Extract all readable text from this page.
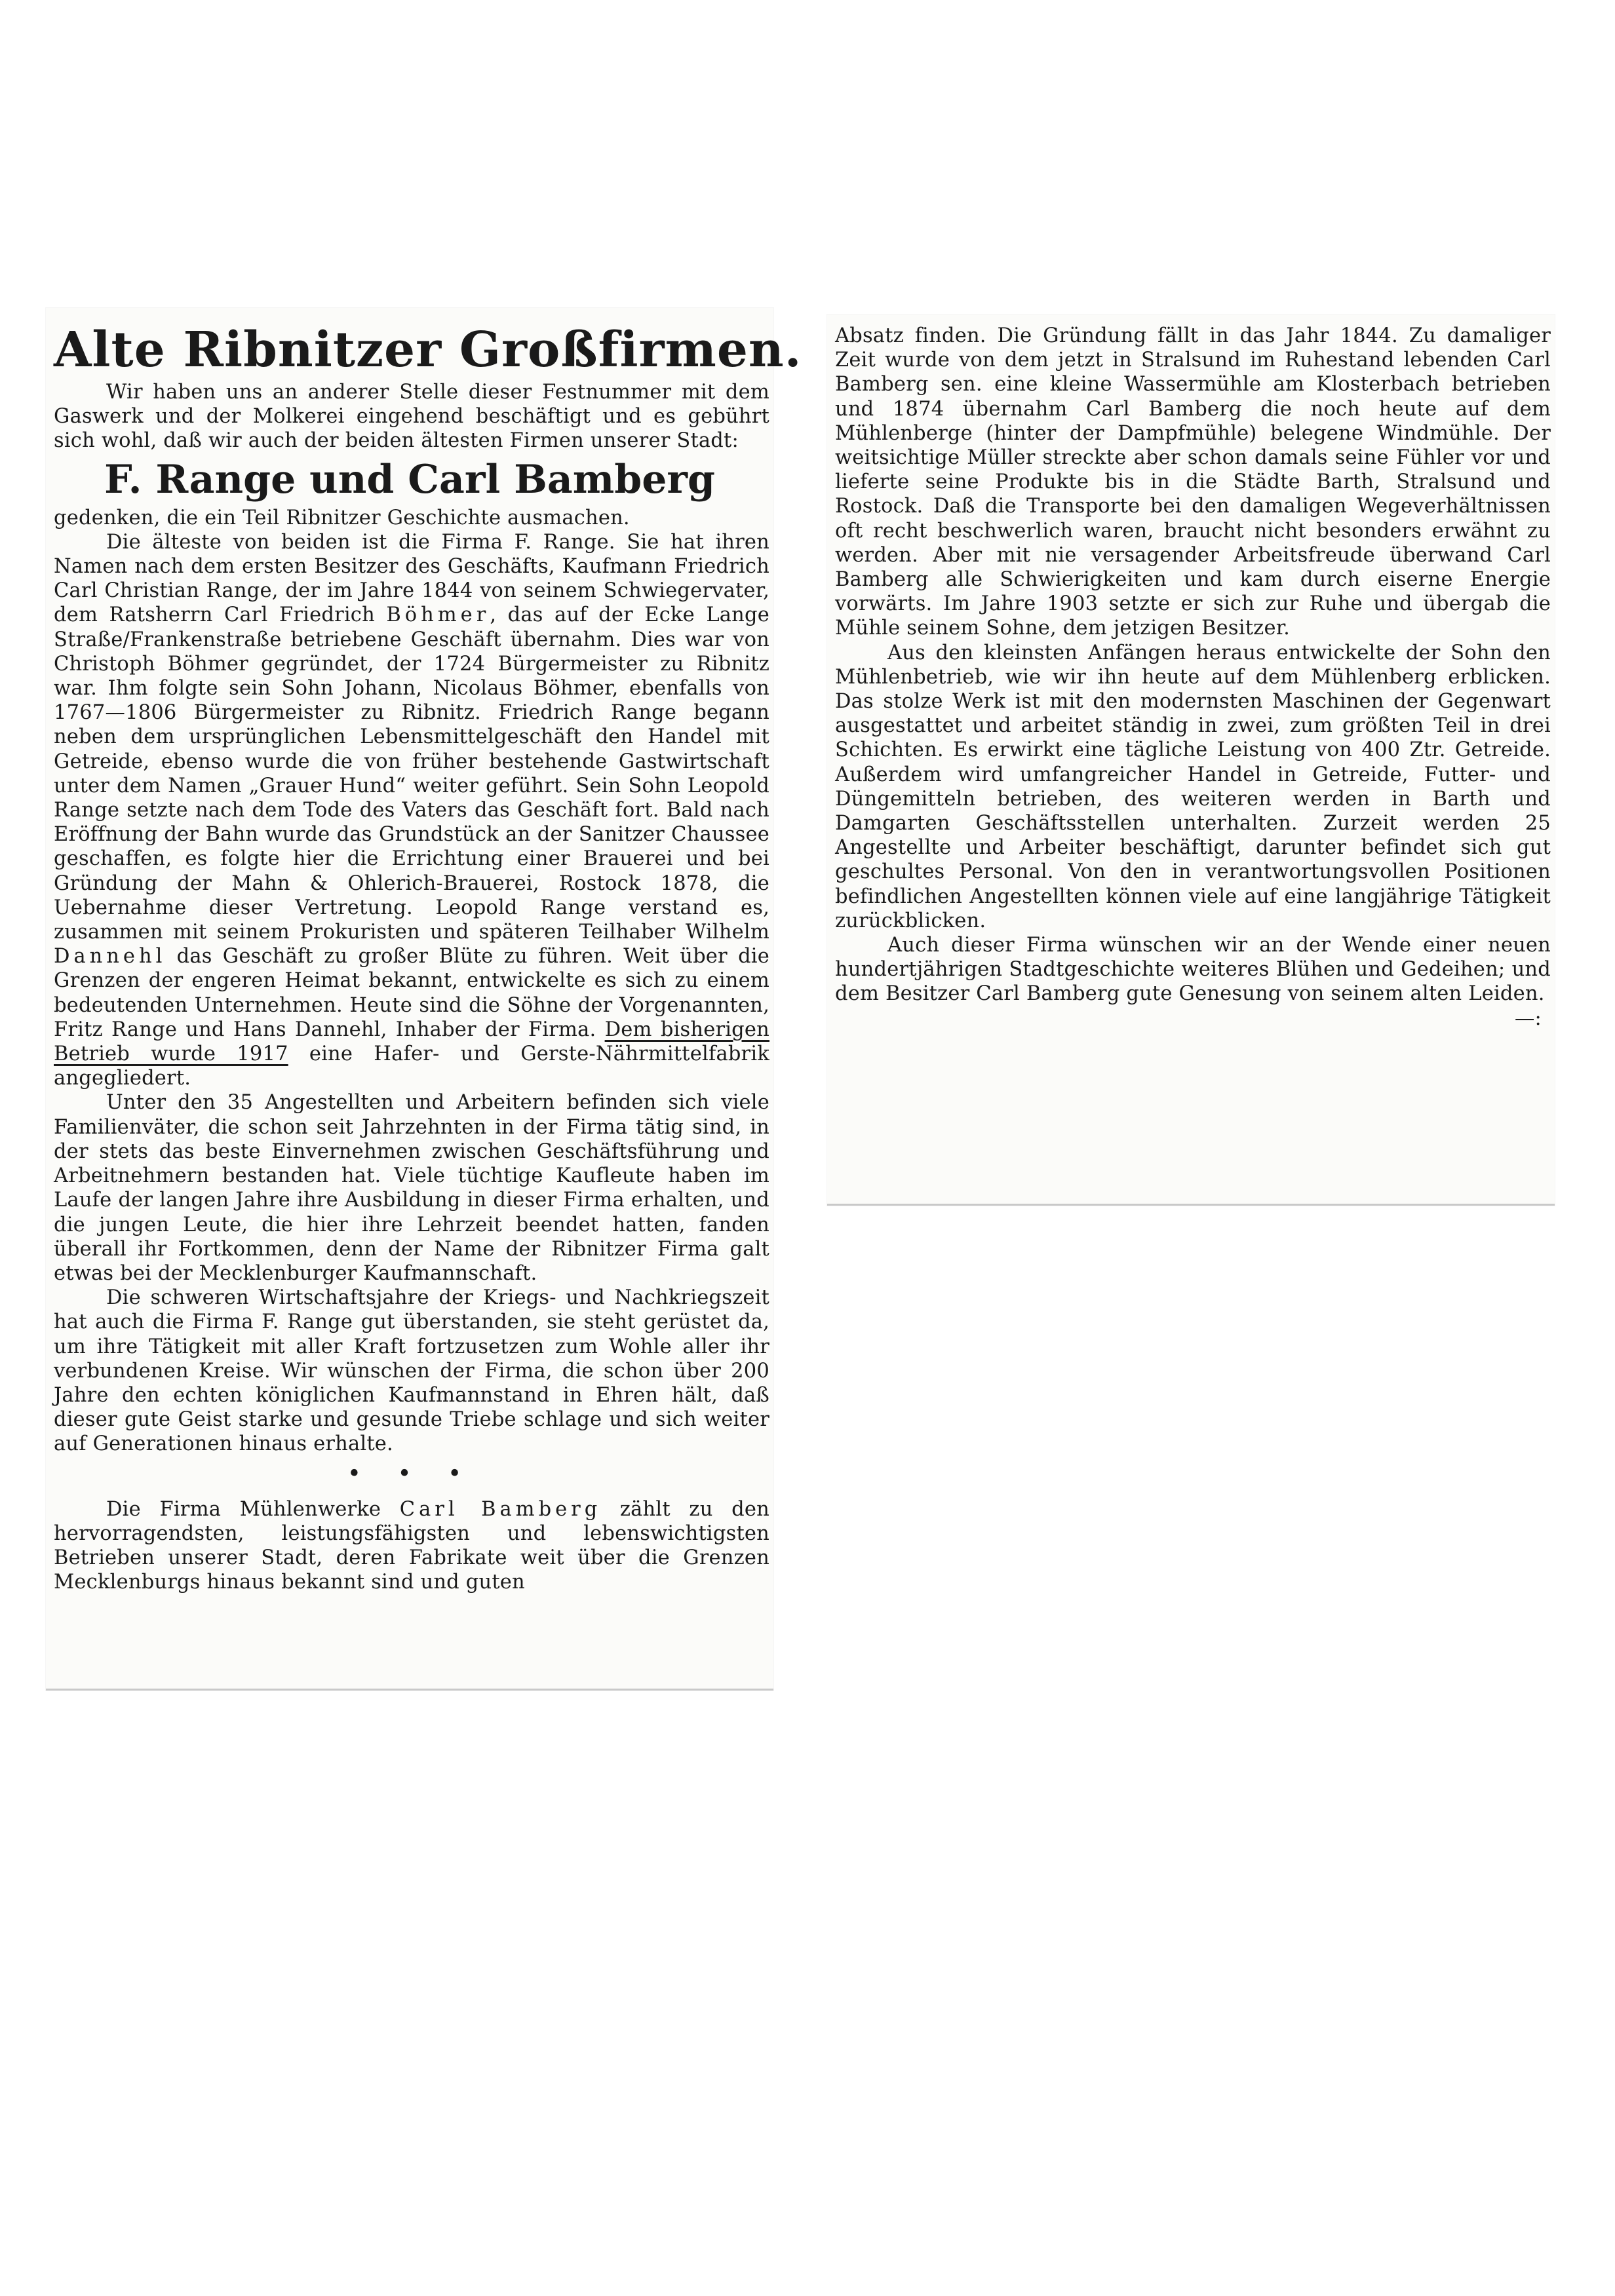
Alte Ribnitzer Großfirmen.

Wir haben uns an anderer Stelle dieser Festnummer mit dem Gaswerk und der Molkerei eingehend beschäftigt und es gebührt sich wohl, daß wir auch der beiden ältesten Firmen unserer Stadt:

F. Range und Carl Bamberg

gedenken, die ein Teil Ribnitzer Geschichte ausmachen.

Die älteste von beiden ist die Firma F. Range. Sie hat ihren Namen nach dem ersten Besitzer des Geschäfts, Kaufmann Friedrich Carl Christian Range, der im Jahre 1844 von seinem Schwiegervater, dem Ratsherrn Carl Friedrich Böhmer, das auf der Ecke Lange Straße/Frankenstraße betriebene Geschäft übernahm. Dies war von Christoph Böhmer gegründet, der 1724 Bürgermeister zu Ribnitz war. Ihm folgte sein Sohn Johann, Nicolaus Böhmer, ebenfalls von 1767—1806 Bürgermeister zu Ribnitz. Friedrich Range begann neben dem ursprünglichen Lebensmittelgeschäft den Handel mit Getreide, ebenso wurde die von früher bestehende Gastwirtschaft unter dem Namen „Grauer Hund“ weiter geführt. Sein Sohn Leopold Range setzte nach dem Tode des Vaters das Geschäft fort. Bald nach Eröffnung der Bahn wurde das Grundstück an der Sanitzer Chaussee geschaffen, es folgte hier die Errichtung einer Brauerei und bei Gründung der Mahn & Ohlerich-Brauerei, Rostock 1878, die Uebernahme dieser Vertretung. Leopold Range verstand es, zusammen mit seinem Prokuristen und späteren Teilhaber Wilhelm Dannehl das Geschäft zu großer Blüte zu führen. Weit über die Grenzen der engeren Heimat bekannt, entwickelte es sich zu einem bedeutenden Unternehmen. Heute sind die Söhne der Vorgenannten, Fritz Range und Hans Dannehl, Inhaber der Firma. Dem bisherigen Betrieb wurde 1917 eine Hafer- und Gerste-Nährmittelfabrik angegliedert.

Unter den 35 Angestellten und Arbeitern befinden sich viele Familienväter, die schon seit Jahrzehnten in der Firma tätig sind, in der stets das beste Einvernehmen zwischen Geschäftsführung und Arbeitnehmern bestanden hat. Viele tüchtige Kaufleute haben im Laufe der langen Jahre ihre Ausbildung in dieser Firma erhalten, und die jungen Leute, die hier ihre Lehrzeit beendet hatten, fanden überall ihr Fortkommen, denn der Name der Ribnitzer Firma galt etwas bei der Mecklenburger Kaufmannschaft.

Die schweren Wirtschaftsjahre der Kriegs- und Nachkriegszeit hat auch die Firma F. Range gut überstanden, sie steht gerüstet da, um ihre Tätigkeit mit aller Kraft fortzusetzen zum Wohle aller ihr verbundenen Kreise. Wir wünschen der Firma, die schon über 200 Jahre den echten königlichen Kaufmannstand in Ehren hält, daß dieser gute Geist starke und gesunde Triebe schlage und sich weiter auf Generationen hinaus erhalte.

• • •

Die Firma Mühlenwerke Carl Bamberg zählt zu den hervorragendsten, leistungsfähigsten und lebenswichtigsten Betrieben unserer Stadt, deren Fabrikate weit über die Grenzen Mecklenburgs hinaus bekannt sind und guten

Absatz finden. Die Gründung fällt in das Jahr 1844. Zu damaliger Zeit wurde von dem jetzt in Stralsund im Ruhestand lebenden Carl Bamberg sen. eine kleine Wassermühle am Klosterbach betrieben und 1874 übernahm Carl Bamberg die noch heute auf dem Mühlenberge (hinter der Dampfmühle) belegene Windmühle. Der weitsichtige Müller streckte aber schon damals seine Fühler vor und lieferte seine Produkte bis in die Städte Barth, Stralsund und Rostock. Daß die Transporte bei den damaligen Wegeverhältnissen oft recht beschwerlich waren, braucht nicht besonders erwähnt zu werden. Aber mit nie versagender Arbeitsfreude überwand Carl Bamberg alle Schwierigkeiten und kam durch eiserne Energie vorwärts. Im Jahre 1903 setzte er sich zur Ruhe und übergab die Mühle seinem Sohne, dem jetzigen Besitzer.

Aus den kleinsten Anfängen heraus entwickelte der Sohn den Mühlenbetrieb, wie wir ihn heute auf dem Mühlenberg erblicken. Das stolze Werk ist mit den modernsten Maschinen der Gegenwart ausgestattet und arbeitet ständig in zwei, zum größten Teil in drei Schichten. Es erwirkt eine tägliche Leistung von 400 Ztr. Getreide. Außerdem wird umfangreicher Handel in Getreide, Futter- und Düngemitteln betrieben, des weiteren werden in Barth und Damgarten Geschäftsstellen unterhalten. Zurzeit werden 25 Angestellte und Arbeiter beschäftigt, darunter befindet sich gut geschultes Personal. Von den in verantwortungsvollen Positionen befindlichen Angestellten können viele auf eine langjährige Tätigkeit zurückblicken.

Auch dieser Firma wünschen wir an der Wende einer neuen hundertjährigen Stadtgeschichte weiteres Blühen und Gedeihen; und dem Besitzer Carl Bamberg gute Genesung von seinem alten Leiden.
—:
